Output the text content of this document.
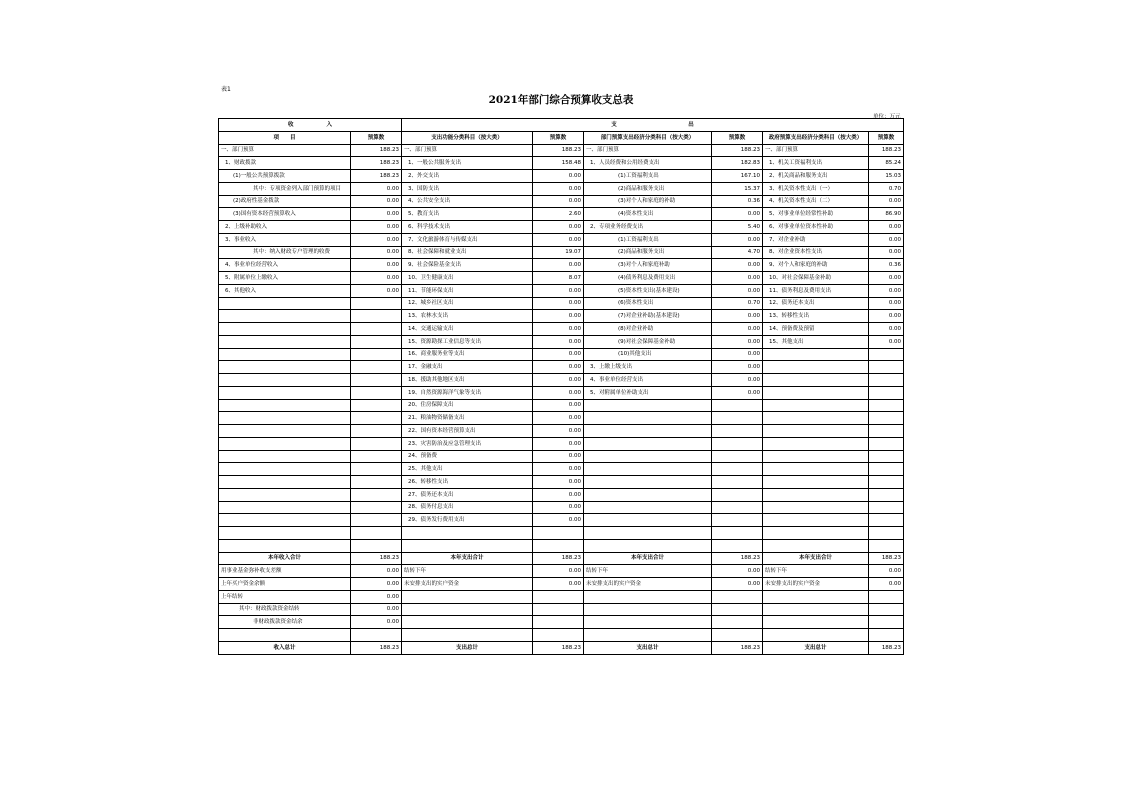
表1
2021年部门综合预算收支总表
单位：万元
收　　　　　　入		支　　　　　　　　　　　　　出					
项　　目	预算数	支出功能分类科目（按大类）	预算数	部门预算支出经济分类科目（按大类）	预算数	政府预算支出经济分类科目（按大类）	预算数
一、部门预算	188.23	一、部门预算	188.23	一、部门预算	188.23	一、部门预算	188.23
1、财政拨款	188.23	1、一般公共服务支出	158.48	1、人员经费和公用经费支出	182.83	1、机关工资福利支出	85.24
(1)一般公共预算拨款	188.23	2、外交支出	0.00	(1)工资福利支出	167.10	2、机关商品和服务支出	15.03
其中：专项资金列入部门预算的项目	0.00	3、国防支出	0.00	(2)商品和服务支出	15.37	3、机关资本性支出（一）	0.70
(2)政府性基金拨款	0.00	4、公共安全支出	0.00	(3)对个人和家庭的补助	0.36	4、机关资本性支出（二）	0.00
(3)国有资本经营预算收入	0.00	5、教育支出	2.60	(4)资本性支出	0.00	5、对事业单位经常性补助	86.90
2、上级补助收入	0.00	6、科学技术支出	0.00	2、专项业务经费支出	5.40	6、对事业单位资本性补助	0.00
3、事业收入	0.00	7、文化旅游体育与传媒支出	0.00	(1)工资福利支出	0.00	7、对企业补助	0.00
其中：纳入财政专户管理的收费	0.00	8、社会保障和就业支出	19.07	(2)商品和服务支出	4.70	8、对企业资本性支出	0.00
4、事业单位经营收入	0.00	9、社会保险基金支出	0.00	(3)对个人和家庭补助	0.00	9、对个人和家庭的补助	0.36
5、附属单位上缴收入	0.00	10、卫生健康支出	8.07	(4)债务利息及费用支出	0.00	10、对社会保障基金补助	0.00
6、其他收入	0.00	11、节能环保支出	0.00	(5)资本性支出(基本建设)	0.00	11、债务利息及费用支出	0.00
		12、城乡社区支出	0.00	(6)资本性支出	0.70	12、债务还本支出	0.00
		13、农林水支出	0.00	(7)对企业补助(基本建设)	0.00	13、转移性支出	0.00
		14、交通运输支出	0.00	(8)对企业补助	0.00	14、预备费及预留	0.00
		15、资源勘探工业信息等支出	0.00	(9)对社会保障基金补助	0.00	15、其他支出	0.00
		16、商业服务业等支出	0.00	(10)其他支出	0.00		
		17、金融支出	0.00	3、上缴上级支出	0.00		
		18、援助其他地区支出	0.00	4、事业单位经营支出	0.00		
		19、自然资源海洋气象等支出	0.00	5、对附属单位补助支出	0.00		
		20、住房保障支出	0.00				
		21、粮油物资储备支出	0.00				
		22、国有资本经营预算支出	0.00				
		23、灾害防治及应急管理支出	0.00				
		24、预备费	0.00				
		25、其他支出	0.00				
		26、转移性支出	0.00				
		27、债务还本支出	0.00				
		28、债务付息支出	0.00				
		29、债务发行费用支出	0.00				

本年收入合计	188.23	本年支出合计	188.23	本年支出合计	188.23	本年支出合计	188.23
用事业基金弥补收支差额	0.00	结转下年	0.00	结转下年	0.00	结转下年	0.00
上年买户资金余额	0.00	未安排支出的实户资金	0.00	未安排支出的实户资金	0.00	未安排支出的实户资金	0.00
上年结转	0.00						
其中：财政拨款资金结转	0.00						
非财政拨款资金结余	0.00						

收入总计	188.23	支出总计	188.23	支出总计	188.23	支出总计	188.23
